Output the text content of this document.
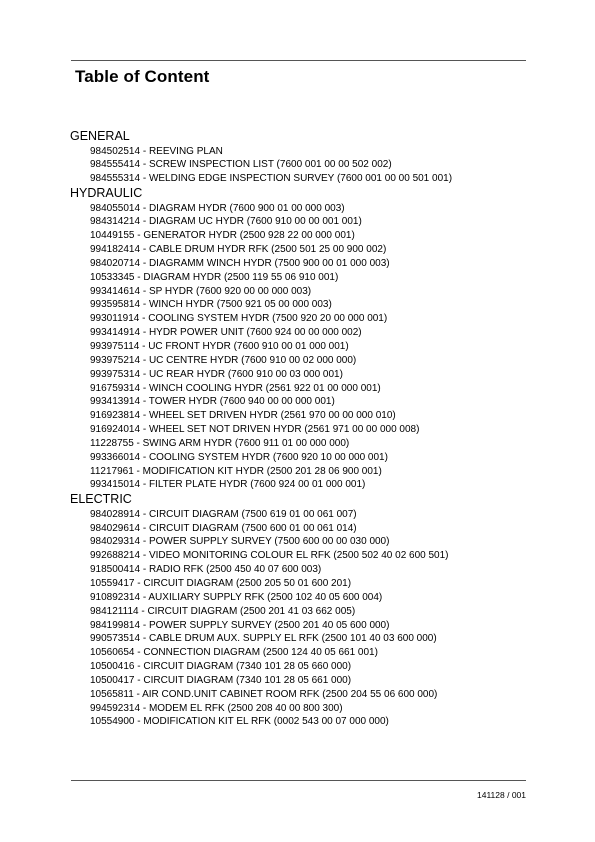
Table of Content
GENERAL
984502514 - REEVING PLAN
984555414 - SCREW INSPECTION LIST (7600 001 00 00 502 002)
984555314 - WELDING EDGE INSPECTION SURVEY (7600 001 00 00 501 001)
HYDRAULIC
984055014 - DIAGRAM HYDR (7600 900 01 00 000 003)
984314214 - DIAGRAM UC HYDR (7600 910 00 00 001 001)
10449155 - GENERATOR HYDR (2500 928 22 00 000 001)
994182414 - CABLE DRUM HYDR RFK (2500 501 25 00 900 002)
984020714 - DIAGRAMM WINCH HYDR (7500 900 00 01 000 003)
10533345 - DIAGRAM HYDR (2500 119 55 06 910 001)
993414614 - SP HYDR (7600 920 00 00 000 003)
993595814 - WINCH HYDR (7500 921 05 00 000 003)
993011914 - COOLING SYSTEM HYDR (7500 920 20 00 000 001)
993414914 - HYDR POWER UNIT (7600 924 00 00 000 002)
993975114 - UC FRONT HYDR (7600 910 00 01 000 001)
993975214 - UC CENTRE HYDR (7600 910 00 02 000 000)
993975314 - UC REAR HYDR (7600 910 00 03 000 001)
916759314 - WINCH COOLING HYDR (2561 922 01 00 000 001)
993413914 - TOWER HYDR (7600 940 00 00 000 001)
916923814 - WHEEL SET DRIVEN HYDR (2561 970 00 00 000 010)
916924014 - WHEEL SET NOT DRIVEN HYDR (2561 971 00 00 000 008)
11228755 - SWING ARM HYDR (7600 911 01 00 000 000)
993366014 - COOLING SYSTEM HYDR (7600 920 10 00 000 001)
11217961 - MODIFICATION KIT HYDR (2500 201 28 06 900 001)
993415014 - FILTER PLATE HYDR (7600 924 00 01 000 001)
ELECTRIC
984028914 - CIRCUIT DIAGRAM (7500 619 01 00 061 007)
984029614 - CIRCUIT DIAGRAM (7500 600 01 00 061 014)
984029314 - POWER SUPPLY SURVEY (7500 600 00 00 030 000)
992688214 - VIDEO MONITORING COLOUR EL RFK (2500 502 40 02 600 501)
918500414 - RADIO RFK (2500 450 40 07 600 003)
10559417 - CIRCUIT DIAGRAM (2500 205 50 01 600 201)
910892314 - AUXILIARY SUPPLY RFK (2500 102 40 05 600 004)
984121114 - CIRCUIT DIAGRAM (2500 201 41 03 662 005)
984199814 - POWER SUPPLY SURVEY (2500 201 40 05 600 000)
990573514 - CABLE DRUM AUX. SUPPLY EL RFK (2500 101 40 03 600 000)
10560654 - CONNECTION DIAGRAM (2500 124 40 05 661 001)
10500416 - CIRCUIT DIAGRAM (7340 101 28 05 660 000)
10500417 - CIRCUIT DIAGRAM (7340 101 28 05 661 000)
10565811 - AIR COND.UNIT CABINET ROOM RFK (2500 204 55 06 600 000)
994592314 - MODEM EL RFK (2500 208 40 00 800 300)
10554900 - MODIFICATION KIT EL RFK (0002 543 00 07 000 000)
141128 / 001
